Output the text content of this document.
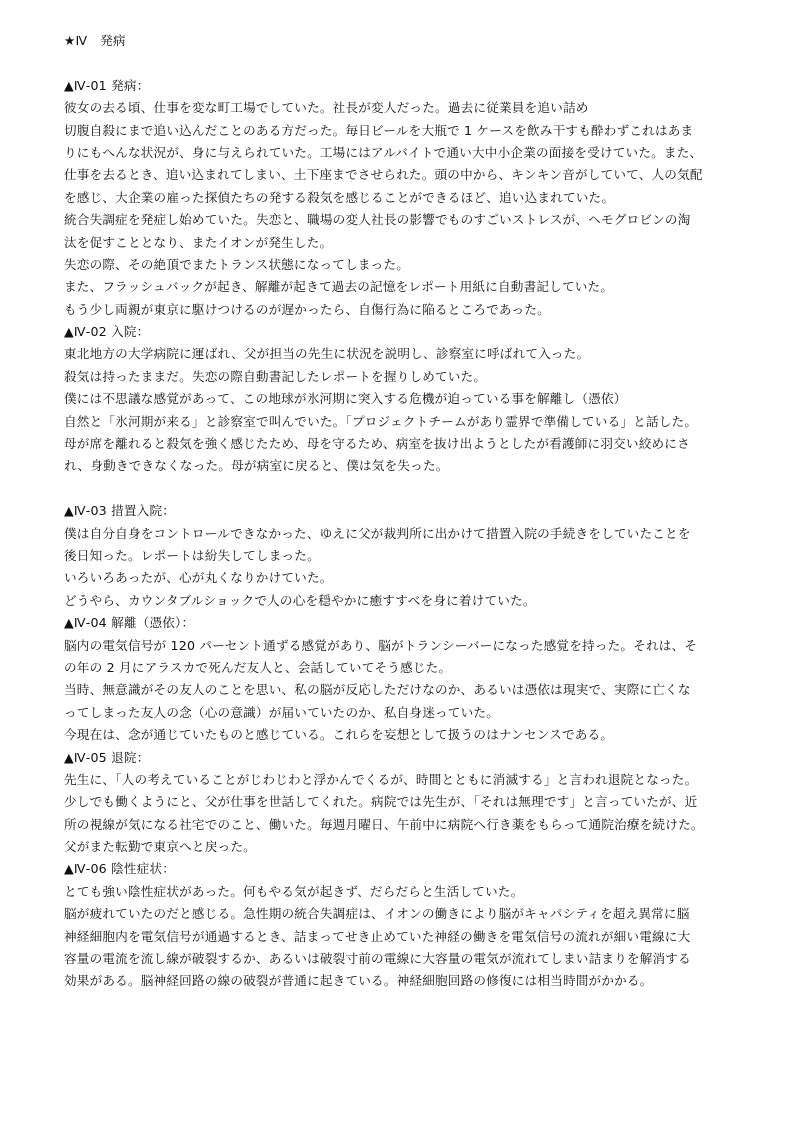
★Ⅳ　発病
▲Ⅳ-01 発病：
彼女の去る頃、仕事を変な町工場でしていた。社長が変人だった。過去に従業員を追い詰め
切腹自殺にまで追い込んだことのある方だった。毎日ビールを大瓶で 1 ケースを飲み干すも酔わずこれはあま
りにもへんな状況が、身に与えられていた。工場にはアルバイトで通い大中小企業の面接を受けていた。また、
仕事を去るとき、追い込まれてしまい、土下座までさせられた。頭の中から、キンキン音がしていて、人の気配
を感じ、大企業の雇った探偵たちの発する殺気を感じることができるほど、追い込まれていた。
統合失調症を発症し始めていた。失恋と、職場の変人社長の影響でものすごいストレスが、ヘモグロビンの淘
汰を促すこととなり、またイオンが発生した。
失恋の際、その絶頂でまたトランス状態になってしまった。
また、フラッシュバックが起き、解離が起きて過去の記憶をレポート用紙に自動書記していた。
もう少し両親が東京に駆けつけるのが遅かったら、自傷行為に陥るところであった。
▲Ⅳ-02 入院：
東北地方の大学病院に運ばれ、父が担当の先生に状況を説明し、診察室に呼ばれて入った。
殺気は持ったままだ。失恋の際自動書記したレポートを握りしめていた。
僕には不思議な感覚があって、この地球が氷河期に突入する危機が迫っている事を解離し（憑依）
自然と「氷河期が来る」と診察室で叫んでいた。「プロジェクトチームがあり霊界で準備している」と話した。
母が席を離れると殺気を強く感じたため、母を守るため、病室を抜け出ようとしたが看護師に羽交い絞めにさ
れ、身動きできなくなった。母が病室に戻ると、僕は気を失った。
▲Ⅳ-03 措置入院：
僕は自分自身をコントロールできなかった、ゆえに父が裁判所に出かけて措置入院の手続きをしていたことを
後日知った。レポートは紛失してしまった。
いろいろあったが、心が丸くなりかけていた。
どうやら、カウンタブルショックで人の心を穏やかに癒すすべを身に着けていた。
▲Ⅳ-04 解離（憑依）：
脳内の電気信号が 120 パーセント通ずる感覚があり、脳がトランシーバーになった感覚を持った。それは、そ
の年の 2 月にアラスカで死んだ友人と、会話していてそう感じた。
当時、無意識がその友人のことを思い、私の脳が反応しただけなのか、あるいは憑依は現実で、実際に亡くな
ってしまった友人の念（心の意識）が届いていたのか、私自身迷っていた。
今現在は、念が通じていたものと感じている。これらを妄想として扱うのはナンセンスである。
▲Ⅳ-05 退院：
先生に、「人の考えていることがじわじわと浮かんでくるが、時間とともに消滅する」と言われ退院となった。
少しでも働くようにと、父が仕事を世話してくれた。病院では先生が、「それは無理です」と言っていたが、近
所の視線が気になる社宅でのこと、働いた。毎週月曜日、午前中に病院へ行き薬をもらって通院治療を続けた。
父がまた転勤で東京へと戻った。
▲Ⅳ-06 陰性症状：
とても強い陰性症状があった。何もやる気が起きず、だらだらと生活していた。
脳が疲れていたのだと感じる。急性期の統合失調症は、イオンの働きにより脳がキャパシティを超え異常に脳
神経細胞内を電気信号が通過するとき、詰まってせき止めていた神経の働きを電気信号の流れが細い電線に大
容量の電流を流し線が破裂するか、あるいは破裂寸前の電線に大容量の電気が流れてしまい詰まりを解消する
効果がある。脳神経回路の線の破裂が普通に起きている。神経細胞回路の修復には相当時間がかかる。
